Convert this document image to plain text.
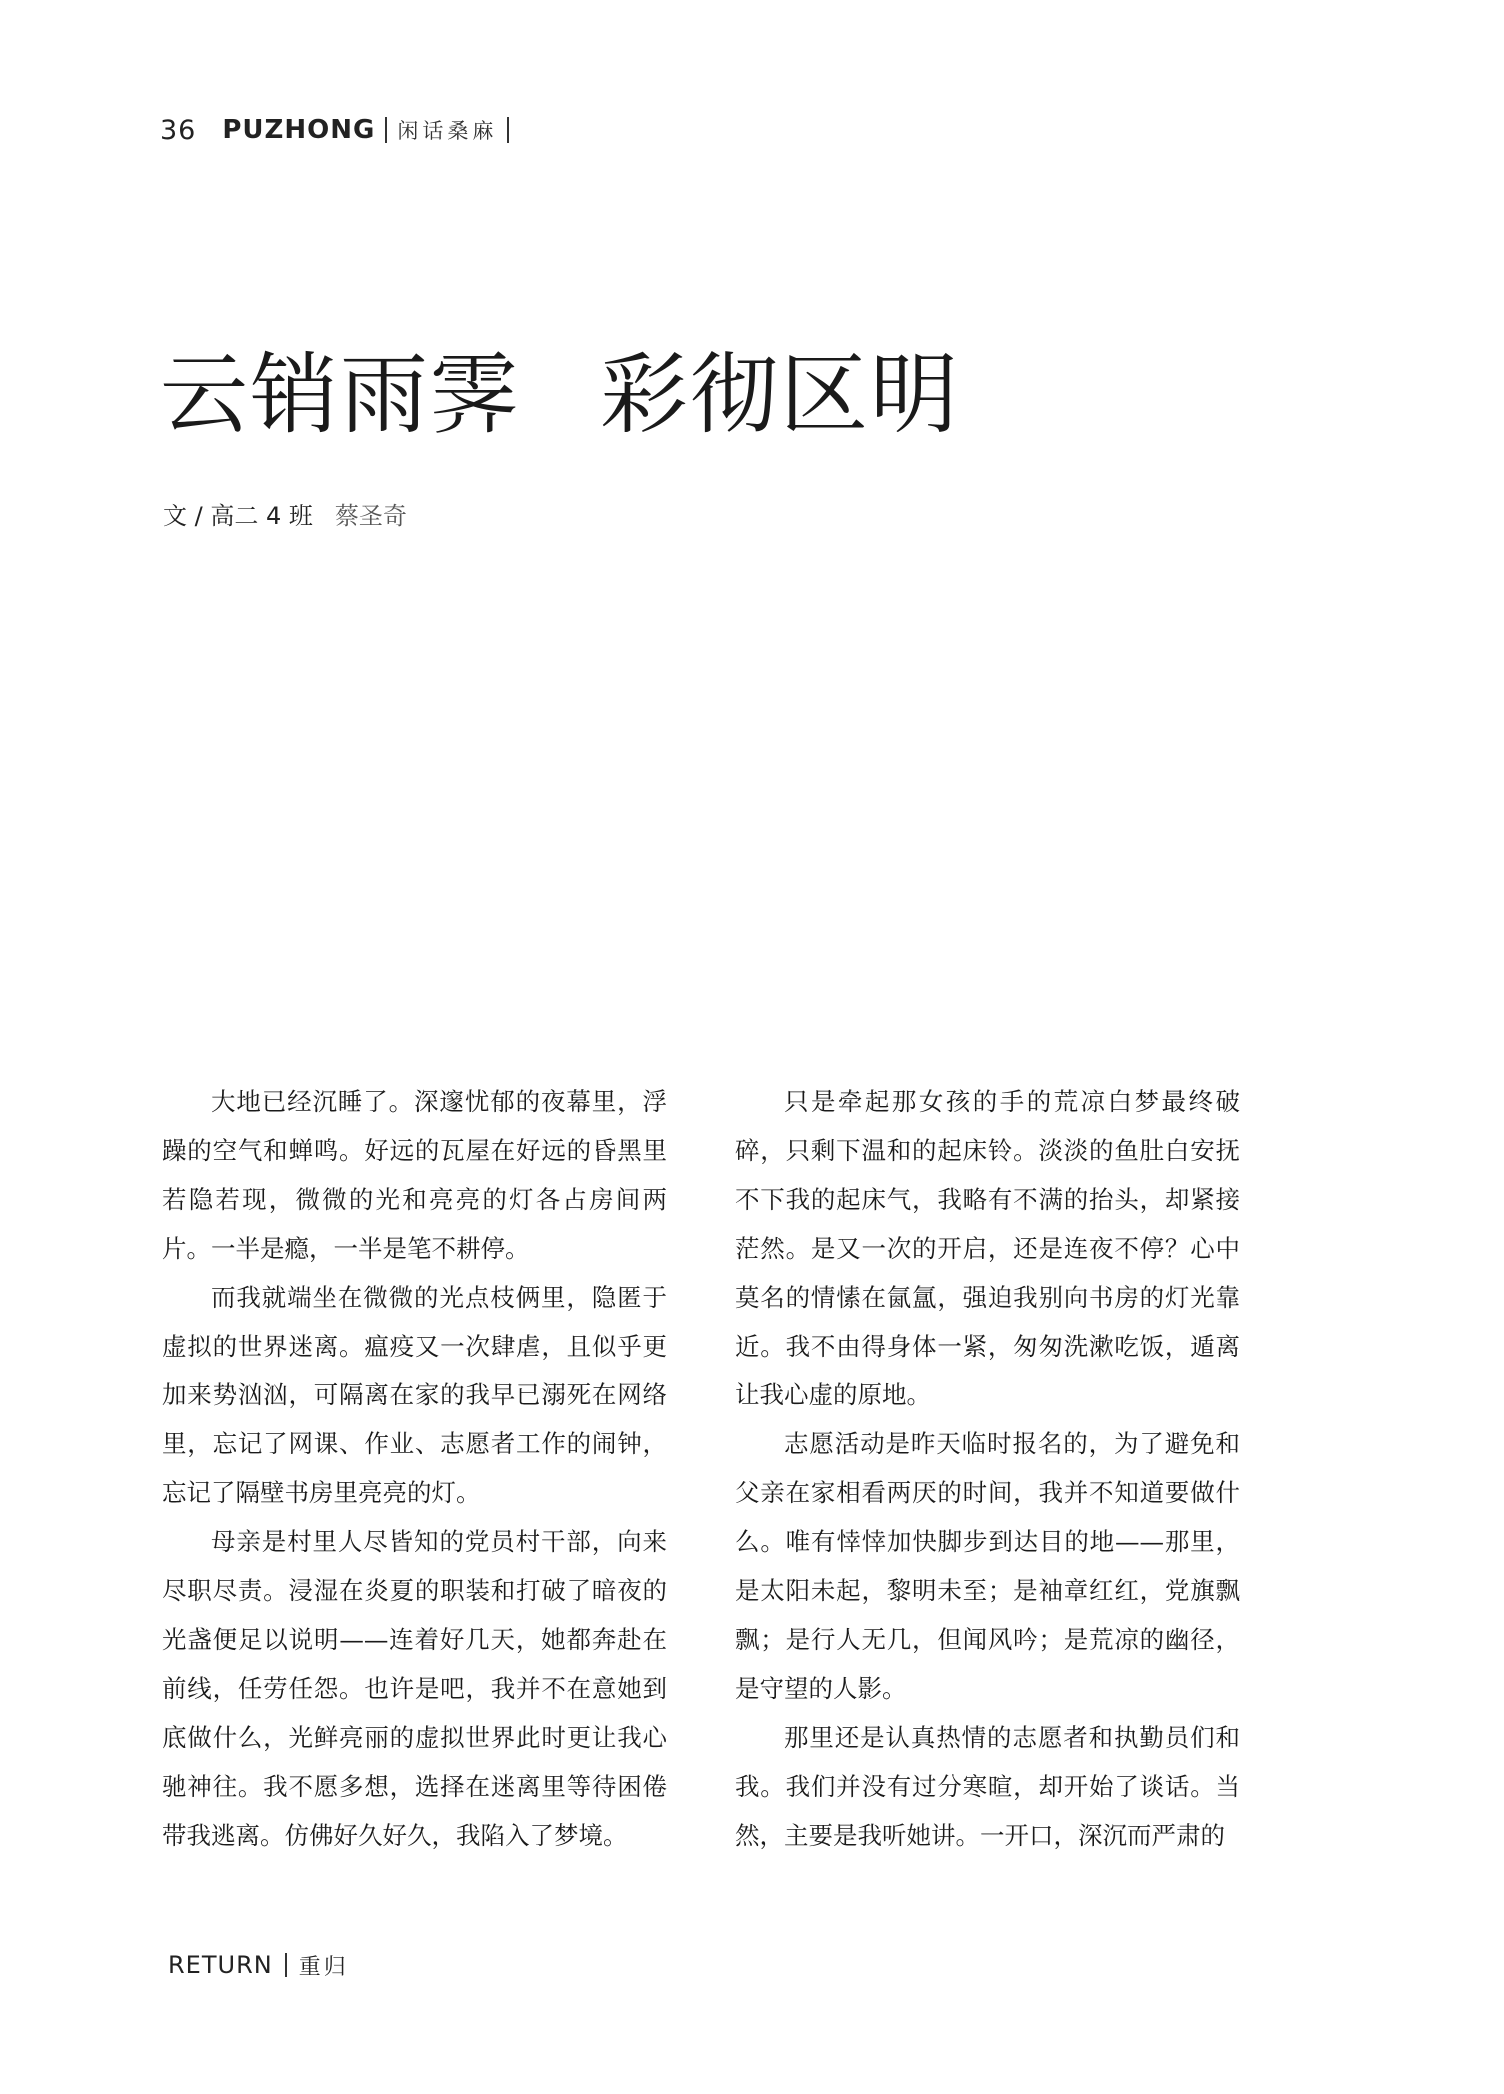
36 PUZHONG 闲话桑麻
云销雨霁 彩彻区明
文 / 高二 4 班 蔡圣奇

大地已经沉睡了。深邃忧郁的夜幕里，浮躁的空气和蝉鸣。好远的瓦屋在好远的昏黑里若隐若现，微微的光和亮亮的灯各占房间两片。一半是瘾，一半是笔不耕停。

而我就端坐在微微的光点枝俩里，隐匿于虚拟的世界迷离。瘟疫又一次肆虐，且似乎更加来势汹汹，可隔离在家的我早已溺死在网络里，忘记了网课、作业、志愿者工作的闹钟，忘记了隔壁书房里亮亮的灯。

母亲是村里人尽皆知的党员村干部，向来尽职尽责。浸湿在炎夏的职装和打破了暗夜的光盏便足以说明——连着好几天，她都奔赴在前线，任劳任怨。也许是吧，我并不在意她到底做什么，光鲜亮丽的虚拟世界此时更让我心驰神往。我不愿多想，选择在迷离里等待困倦带我逃离。仿佛好久好久，我陷入了梦境。

只是牵起那女孩的手的荒凉白梦最终破碎，只剩下温和的起床铃。淡淡的鱼肚白安抚不下我的起床气，我略有不满的抬头，却紧接茫然。是又一次的开启，还是连夜不停？心中莫名的情愫在氤氲，强迫我别向书房的灯光靠近。我不由得身体一紧，匆匆洗漱吃饭，遁离让我心虚的原地。

志愿活动是昨天临时报名的，为了避免和父亲在家相看两厌的时间，我并不知道要做什么。唯有悻悻加快脚步到达目的地——那里，是太阳未起，黎明未至；是袖章红红，党旗飘飘；是行人无几，但闻风吟；是荒凉的幽径，是守望的人影。

那里还是认真热情的志愿者和执勤员们和我。我们并没有过分寒暄，却开始了谈话。当然，主要是我听她讲。一开口，深沉而严肃的

RETURN 重归
